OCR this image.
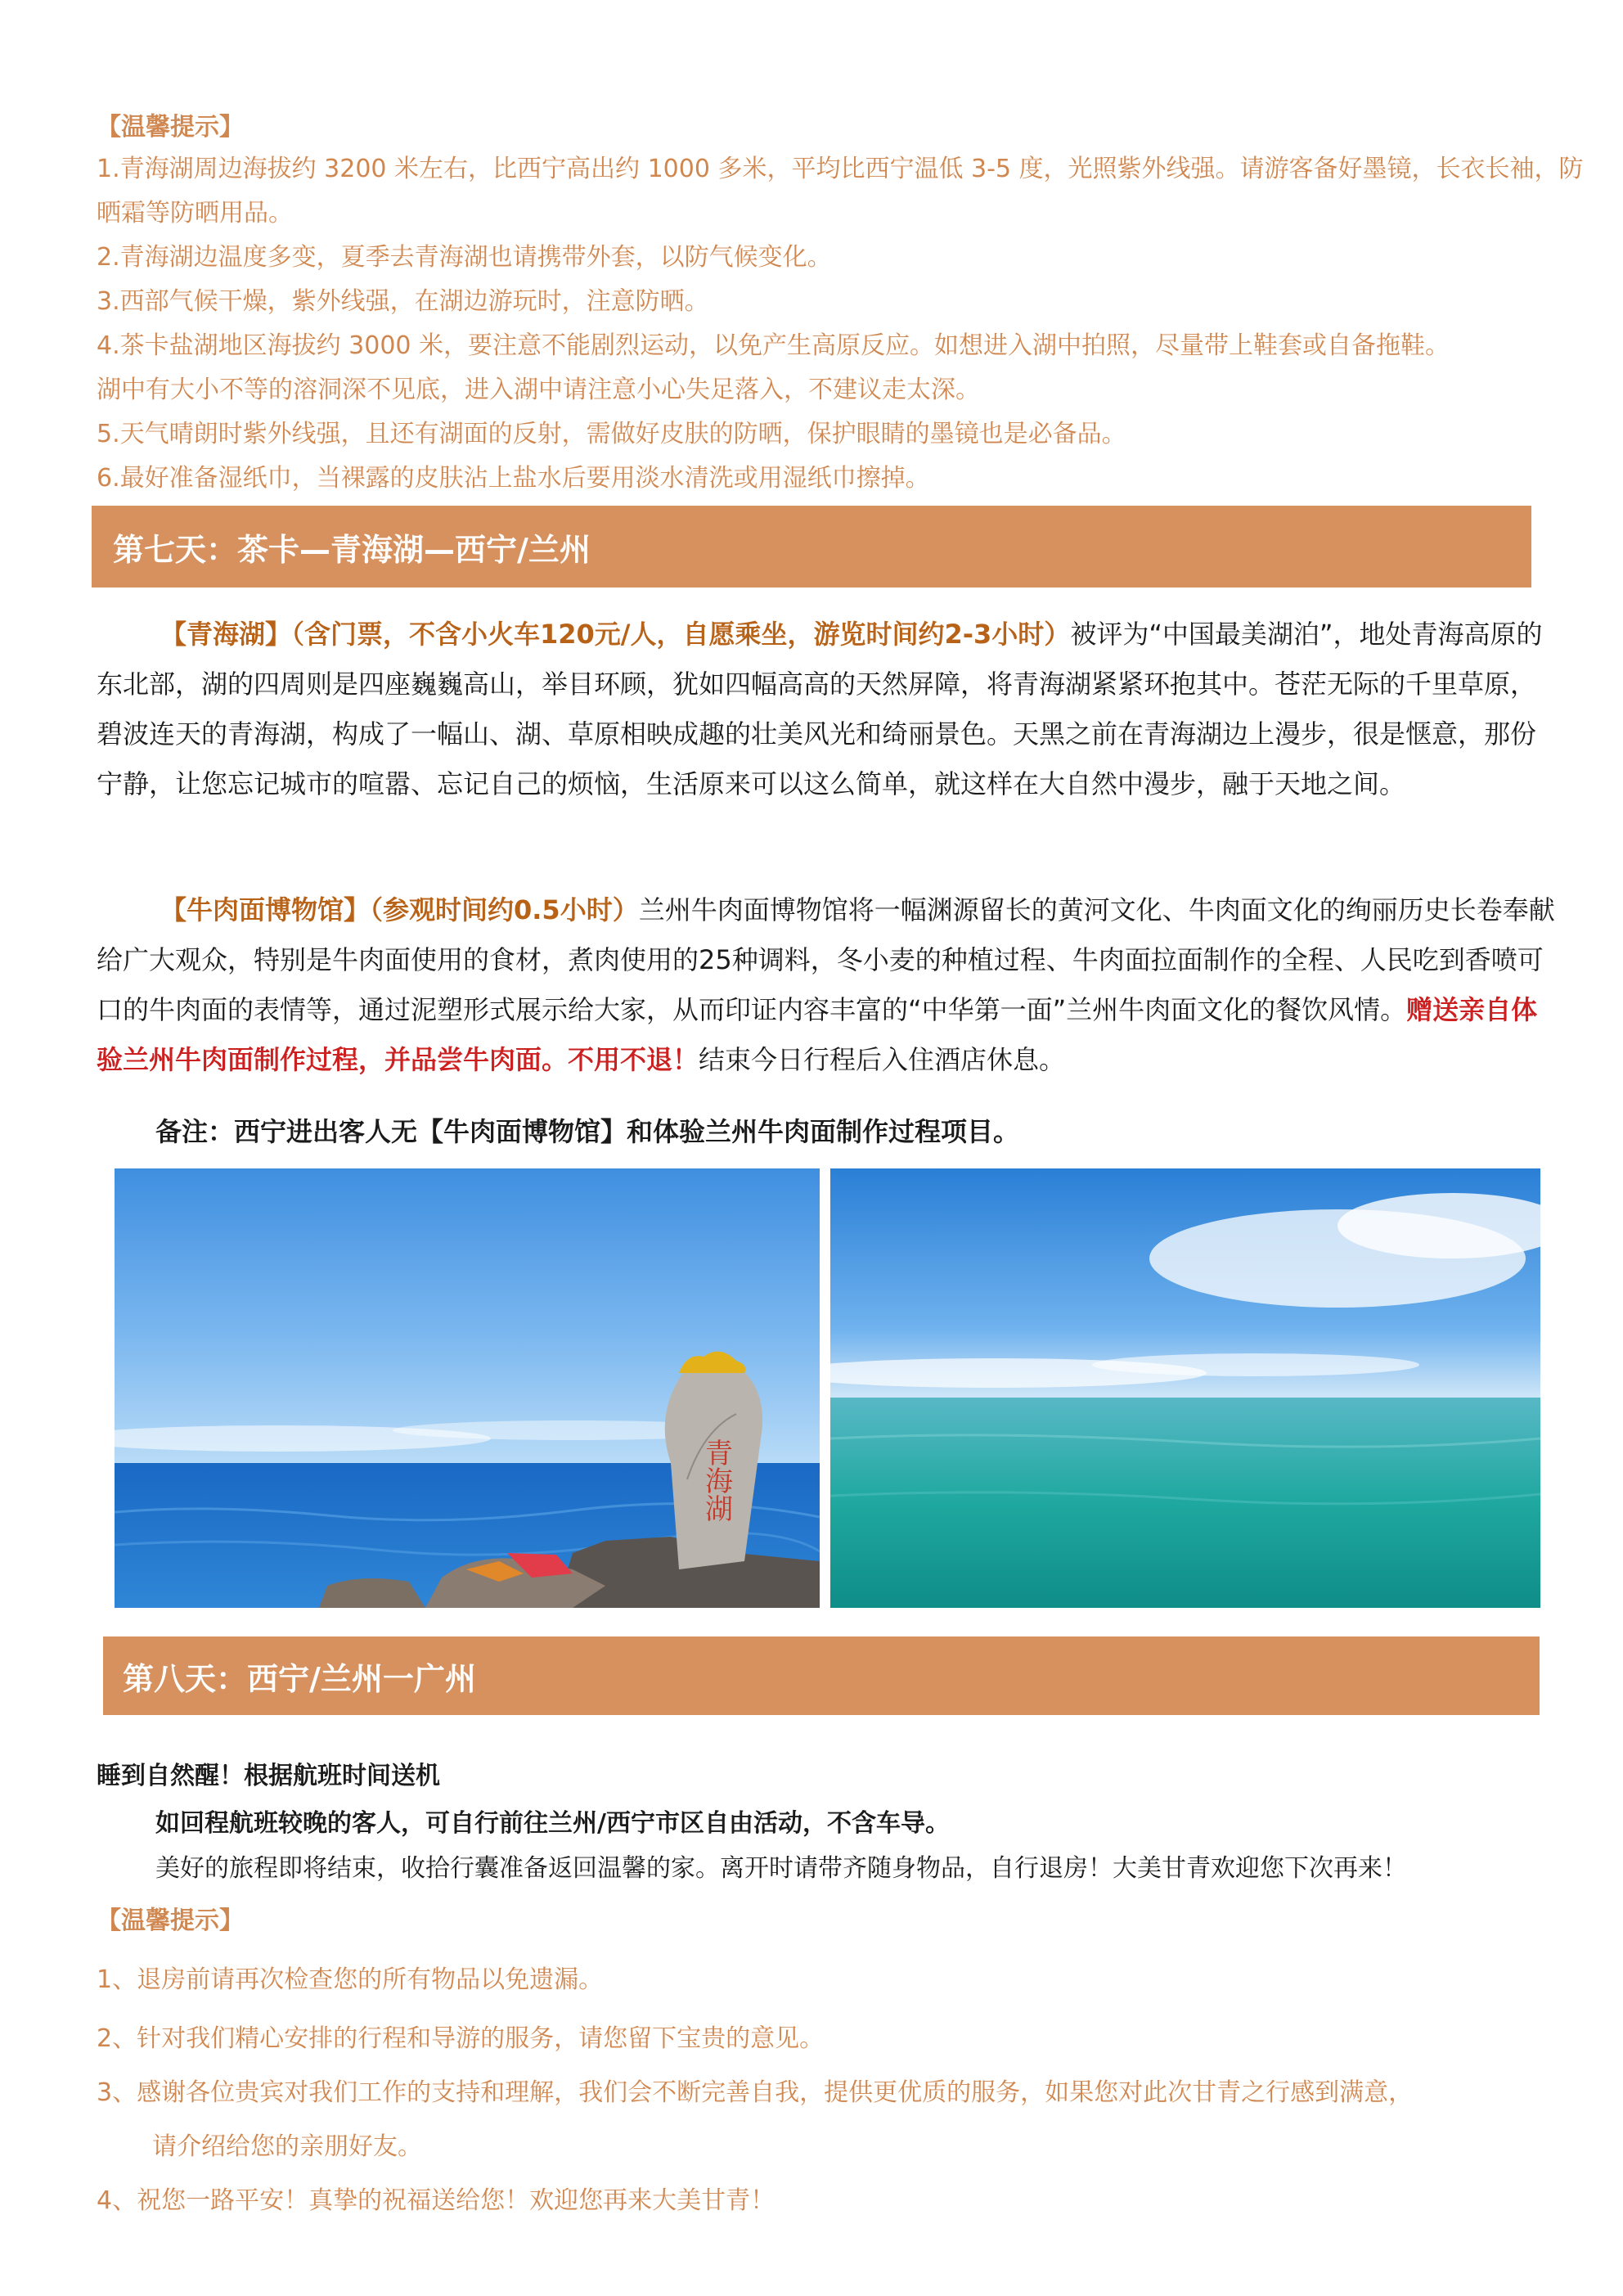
【温馨提示】

1.青海湖周边海拔约 3200 米左右，比西宁高出约 1000 多米，平均比西宁温低 3-5 度，光照紫外线强。请游客备好墨镜，长衣长袖，防晒霜等防晒用品。

2.青海湖边温度多变，夏季去青海湖也请携带外套，以防气候变化。

3.西部气候干燥，紫外线强，在湖边游玩时，注意防晒。

4.茶卡盐湖地区海拔约 3000 米，要注意不能剧烈运动，以免产生高原反应。如想进入湖中拍照，尽量带上鞋套或自备拖鞋。

湖中有大小不等的溶洞深不见底，进入湖中请注意小心失足落入，不建议走太深。

5.天气晴朗时紫外线强，且还有湖面的反射，需做好皮肤的防晒，保护眼睛的墨镜也是必备品。

6.最好准备湿纸巾，当裸露的皮肤沾上盐水后要用淡水清洗或用湿纸巾擦掉。

第七天：茶卡—青海湖—西宁/兰州
【青海湖】（含门票，不含小火车120元/人，自愿乘坐，游览时间约2-3小时）被评为“中国最美湖泊”，地处青海高原的东北部，湖的四周则是四座巍巍高山，举目环顾，犹如四幅高高的天然屏障，将青海湖紧紧环抱其中。苍茫无际的千里草原，碧波连天的青海湖，构成了一幅山、湖、草原相映成趣的壮美风光和绮丽景色。天黑之前在青海湖边上漫步，很是惬意，那份宁静，让您忘记城市的喧嚣、忘记自己的烦恼，生活原来可以这么简单，就这样在大自然中漫步，融于天地之间。
【牛肉面博物馆】（参观时间约0.5小时）兰州牛肉面博物馆将一幅渊源留长的黄河文化、牛肉面文化的绚丽历史长卷奉献给广大观众，特别是牛肉面使用的食材，煮肉使用的25种调料，冬小麦的种植过程、牛肉面拉面制作的全程、人民吃到香喷可口的牛肉面的表情等，通过泥塑形式展示给大家，从而印证内容丰富的“中华第一面”兰州牛肉面文化的餐饮风情。赠送亲自体验兰州牛肉面制作过程，并品尝牛肉面。不用不退！结束今日行程后入住酒店休息。
备注：西宁进出客人无【牛肉面博物馆】和体验兰州牛肉面制作过程项目。
青海湖
第八天：西宁/兰州一广州
睡到自然醒！根据航班时间送机
如回程航班较晚的客人，可自行前往兰州/西宁市区自由活动，不含车导。
美好的旅程即将结束，收拾行囊准备返回温馨的家。离开时请带齐随身物品，自行退房！大美甘青欢迎您下次再来！
【温馨提示】
1、退房前请再次检查您的所有物品以免遗漏。
2、针对我们精心安排的行程和导游的服务，请您留下宝贵的意见。
3、感谢各位贵宾对我们工作的支持和理解，我们会不断完善自我，提供更优质的服务，如果您对此次甘青之行感到满意，
请介绍给您的亲朋好友。
4、祝您一路平安！真挚的祝福送给您！欢迎您再来大美甘青！
